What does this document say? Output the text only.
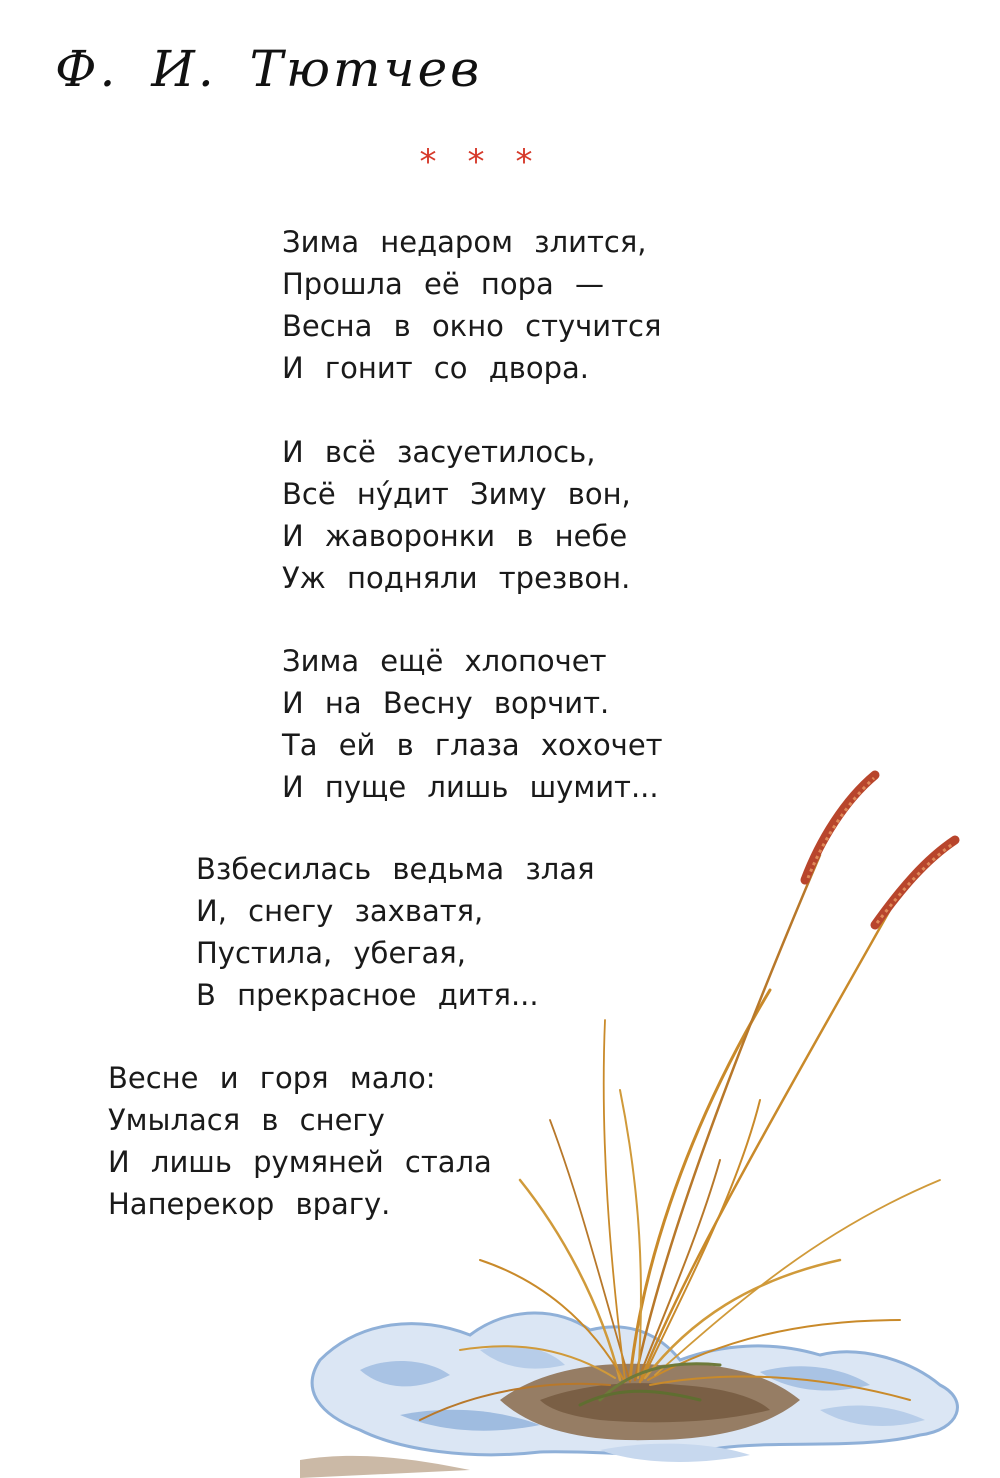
Ф. И. Тютчев
* * *
Зима недаром злится,
Прошла её пора —
Весна в окно стучится
И гонит со двора.
И всё засуетилось,
Всё нýдит Зиму вон,
И жаворонки в небе
Уж подняли трезвон.
Зима ещё хлопочет
И на Весну ворчит.
Та ей в глаза хохочет
И пуще лишь шумит...
Взбесилась ведьма злая
И, снегу захватя,
Пустила, убегая,
В прекрасное дитя...
Весне и горя мало:
Умылася в снегу
И лишь румяней стала
Наперекор врагу.
